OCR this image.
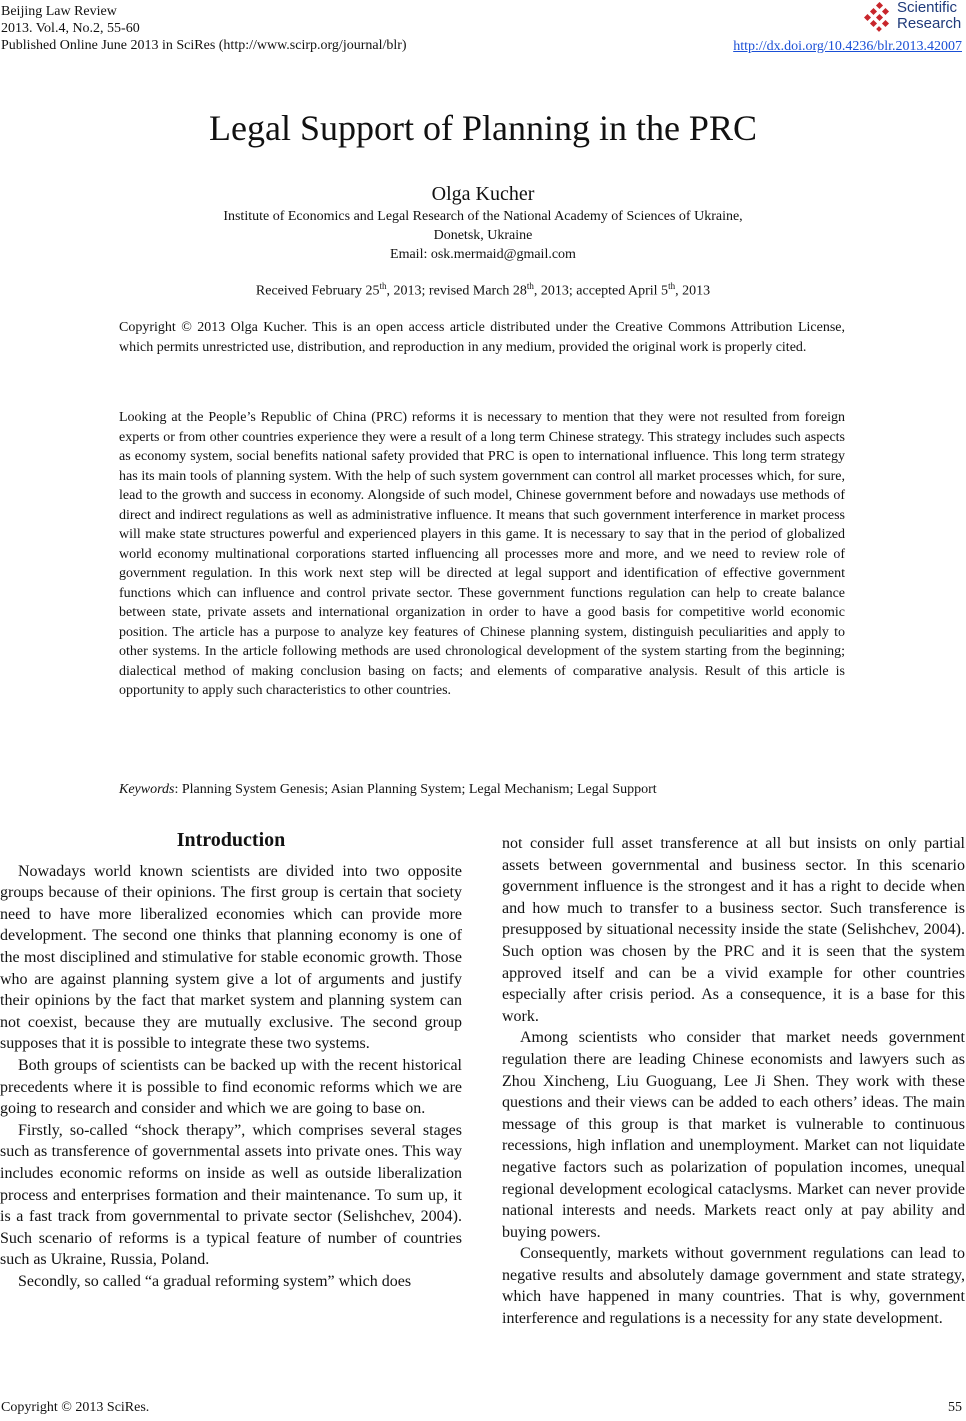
Beijing Law Review
2013. Vol.4, No.2, 55-60
Published Online June 2013 in SciRes (http://www.scirp.org/journal/blr)
Scientific
Research
http://dx.doi.org/10.4236/blr.2013.42007
Legal Support of Planning in the PRC
Olga Kucher
Institute of Economics and Legal Research of the National Academy of Sciences of Ukraine,
Donetsk, Ukraine
Email: osk.mermaid@gmail.com
Received February 25th, 2013; revised March 28th, 2013; accepted April 5th, 2013
Copyright © 2013 Olga Kucher. This is an open access article distributed under the Creative Commons Attribution License, which permits unrestricted use, distribution, and reproduction in any medium, provided the original work is properly cited.
Looking at the People’s Republic of China (PRC) reforms it is necessary to mention that they were not resulted from foreign experts or from other countries experience they were a result of a long term Chinese strategy. This strategy includes such aspects as economy system, social benefits national safety provided that PRC is open to international influence. This long term strategy has its main tools of planning system. With the help of such system government can control all market processes which, for sure, lead to the growth and success in economy. Alongside of such model, Chinese government before and nowadays use methods of direct and indirect regulations as well as administrative influence. It means that such government interference in market process will make state structures powerful and experienced players in this game. It is necessary to say that in the period of globalized world economy multinational corporations started influencing all processes more and more, and we need to review role of government regulation. In this work next step will be directed at legal support and identification of effective government functions which can influence and control private sector. These government functions regulation can help to create balance between state, private assets and international organization in order to have a good basis for competitive world economic position. The article has a purpose to analyze key features of Chinese planning system, distinguish peculiarities and apply to other systems. In the article following methods are used chronological development of the system starting from the beginning; dialectical method of making conclusion basing on facts; and elements of comparative analysis. Result of this article is opportunity to apply such characteristics to other countries.
Keywords: Planning System Genesis; Asian Planning System; Legal Mechanism; Legal Support
Introduction

Nowadays world known scientists are divided into two opposite groups because of their opinions. The first group is certain that society need to have more liberalized economies which can provide more development. The second one thinks that planning economy is one of the most disciplined and stimulative for stable economic growth. Those who are against planning system give a lot of arguments and justify their opinions by the fact that market system and planning system can not coexist, because they are mutually exclusive. The second group supposes that it is possible to integrate these two systems.

Both groups of scientists can be backed up with the recent historical precedents where it is possible to find economic reforms which we are going to research and consider and which we are going to base on.

Firstly, so-called “shock therapy”, which comprises several stages such as transference of governmental assets into private ones. This way includes economic reforms on inside as well as outside liberalization process and enterprises formation and their maintenance. To sum up, it is a fast track from governmental to private sector (Selishchev, 2004). Such scenario of reforms is a typical feature of number of countries such as Ukraine, Russia, Poland.

Secondly, so called “a gradual reforming system” which does

not consider full asset transference at all but insists on only partial assets between governmental and business sector. In this scenario government influence is the strongest and it has a right to decide when and how much to transfer to a business sector. Such transference is presupposed by situational necessity inside the state (Selishchev, 2004). Such option was chosen by the PRC and it is seen that the system approved itself and can be a vivid example for other countries especially after crisis period. As a consequence, it is a base for this work.

Among scientists who consider that market needs government regulation there are leading Chinese economists and lawyers such as Zhou Xincheng, Liu Guoguang, Lee Ji Shen. They work with these questions and their views can be added to each others’ ideas. The main message of this group is that market is vulnerable to continuous recessions, high inflation and unemployment. Market can not liquidate negative factors such as polarization of population incomes, unequal regional development ecological cataclysms. Market can never provide national interests and needs. Markets react only at pay ability and buying powers.

Consequently, markets without government regulations can lead to negative results and absolutely damage government and state strategy, which have happened in many countries. That is why, government interference and regulations is a necessity for any state development.

Copyright © 2013 SciRes.	55
